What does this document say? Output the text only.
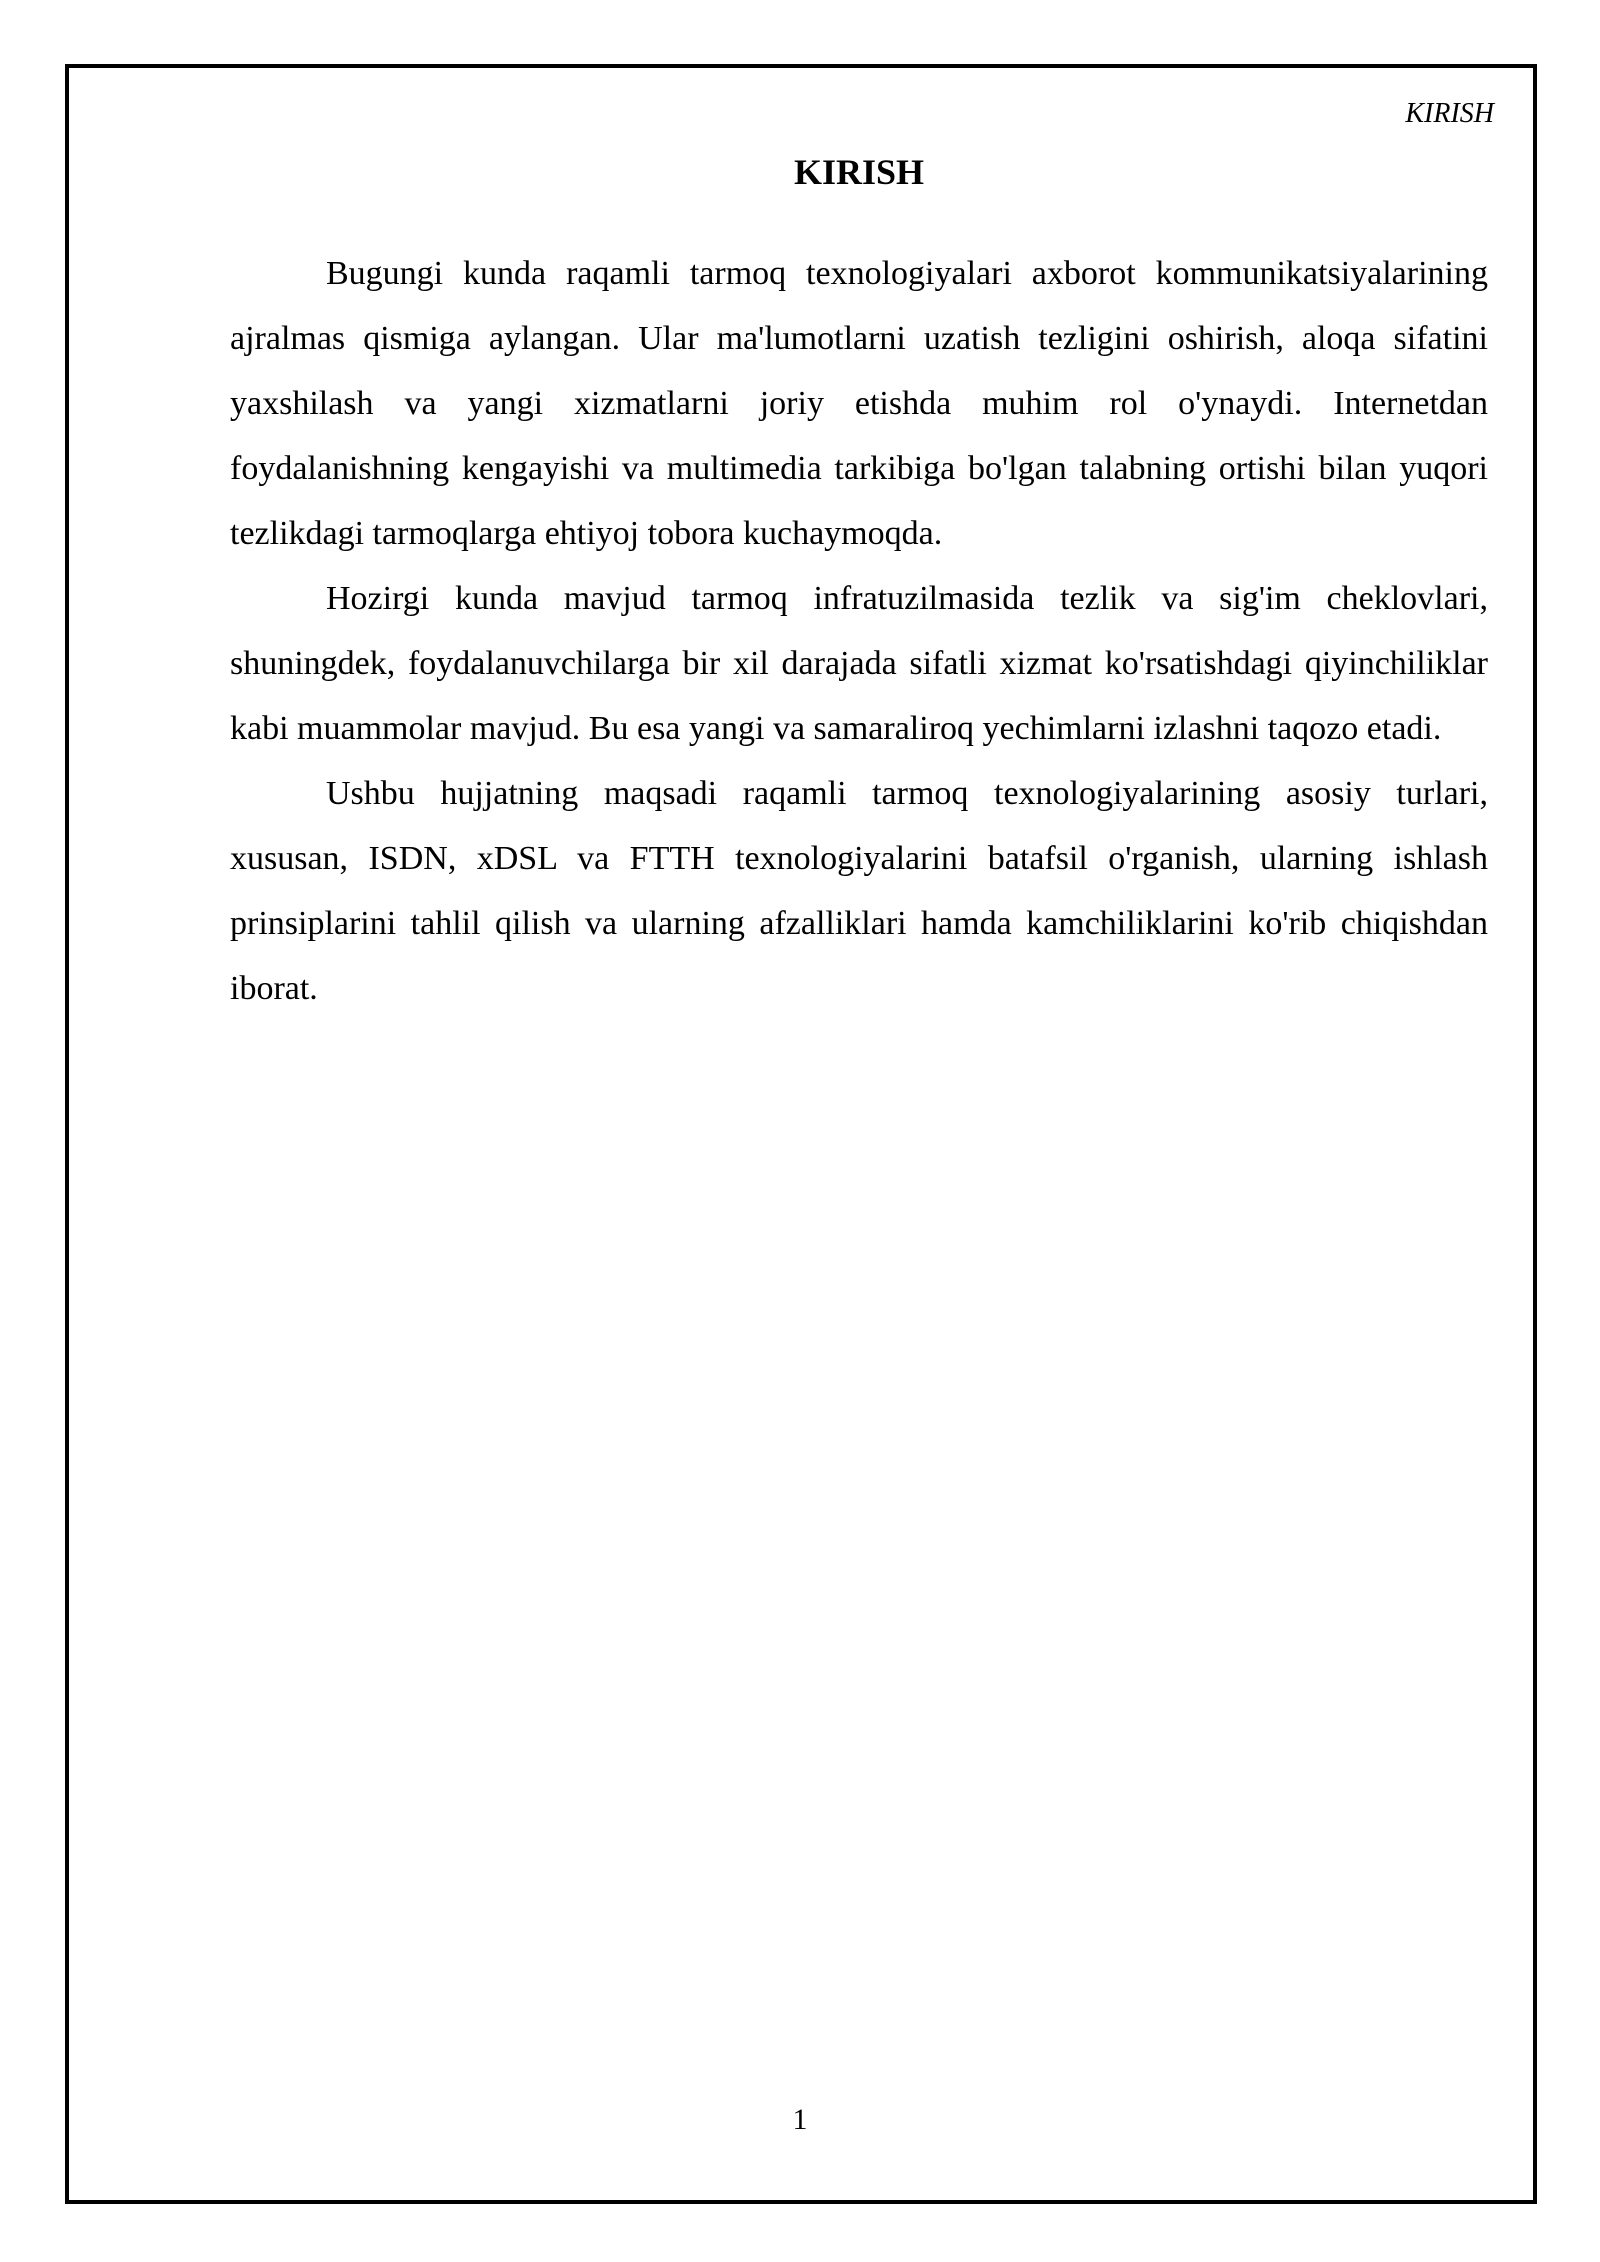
KIRISH
KIRISH

Bugungi kunda raqamli tarmoq texnologiyalari axborot kommunikatsiyalarining ajralmas qismiga aylangan. Ular ma'lumotlarni uzatish tezligini oshirish, aloqa sifatini yaxshilash va yangi xizmatlarni joriy etishda muhim rol o'ynaydi. Internetdan foydalanishning kengayishi va multimedia tarkibiga bo'lgan talabning ortishi bilan yuqori tezlikdagi tarmoqlarga ehtiyoj tobora kuchaymoqda.

Hozirgi kunda mavjud tarmoq infratuzilmasida tezlik va sig'im cheklovlari, shuningdek, foydalanuvchilarga bir xil darajada sifatli xizmat ko'rsatishdagi qiyinchiliklar kabi muammolar mavjud. Bu esa yangi va samaraliroq yechimlarni izlashni taqozo etadi.

Ushbu hujjatning maqsadi raqamli tarmoq texnologiyalarining asosiy turlari, xususan, ISDN, xDSL va FTTH texnologiyalarini batafsil o'rganish, ularning ishlash prinsiplarini tahlil qilish va ularning afzalliklari hamda kamchiliklarini ko'rib chiqishdan iborat.

1
